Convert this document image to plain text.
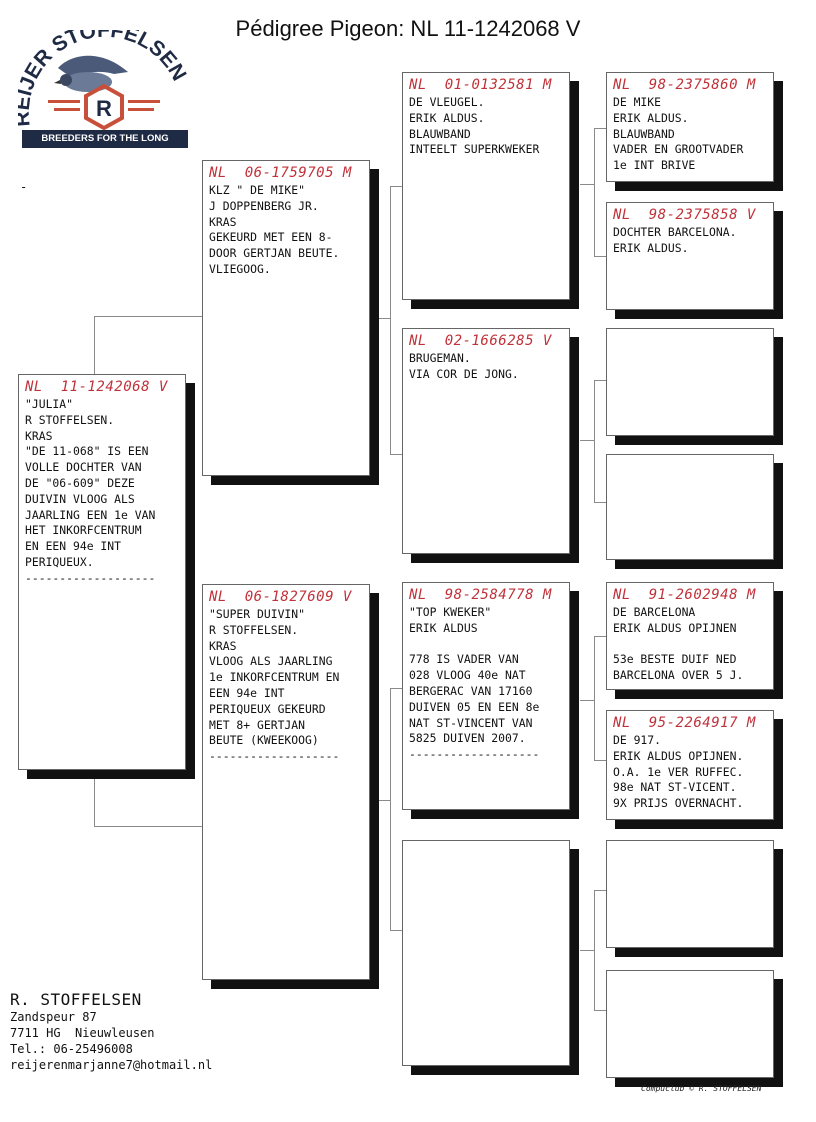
Pédigree Pigeon: NL 11-1242068 V
ER STOFFELSEN
R
BREEDERS FOR THE LONG DISTANCE
-
NL  11-1242068 V
"JULIA"
R STOFFELSEN.
KRAS
"DE 11-068" IS EEN
VOLLE DOCHTER VAN
DE "06-609" DEZE
DUIVIN VLOOG ALS
JAARLING EEN 1e VAN
HET INKORFCENTRUM
EN EEN 94e INT
PERIQUEUX.
-------------------
NL  06-1759705 M
KLZ " DE MIKE"
J DOPPENBERG JR.
KRAS
GEKEURD MET EEN 8-
DOOR GERTJAN BEUTE.
VLIEGOOG.
NL  06-1827609 V
"SUPER DUIVIN"
R STOFFELSEN.
KRAS
VLOOG ALS JAARLING
1e INKORFCENTRUM EN
EEN 94e INT
PERIQUEUX GEKEURD
MET 8+ GERTJAN
BEUTE (KWEEKOOG)
-------------------
NL  01-0132581 M
DE VLEUGEL.
ERIK ALDUS.
BLAUWBAND
INTEELT SUPERKWEKER
NL  02-1666285 V
BRUGEMAN.
VIA COR DE JONG.
NL  98-2584778 M
"TOP KWEKER"
ERIK ALDUS

778 IS VADER VAN
028 VLOOG 40e NAT
BERGERAC VAN 17160
DUIVEN 05 EN EEN 8e
NAT ST-VINCENT VAN
5825 DUIVEN 2007.
-------------------
NL  98-2375860 M
DE MIKE
ERIK ALDUS.
BLAUWBAND
VADER EN GROOTVADER
1e INT BRIVE
NL  98-2375858 V
DOCHTER BARCELONA.
ERIK ALDUS.
NL  91-2602948 M
DE BARCELONA
ERIK ALDUS OPIJNEN

53e BESTE DUIF NED
BARCELONA OVER 5 J.
NL  95-2264917 M
DE 917.
ERIK ALDUS OPIJNEN.
O.A. 1e VER RUFFEC.
98e NAT ST-VICENT.
9X PRIJS OVERNACHT.
R. STOFFELSEN
Zandspeur 87
7711 HG  Nieuwleusen
Tel.: 06-25496008
reijerenmarjanne7@hotmail.nl
Compuclub © R. STOFFELSEN
